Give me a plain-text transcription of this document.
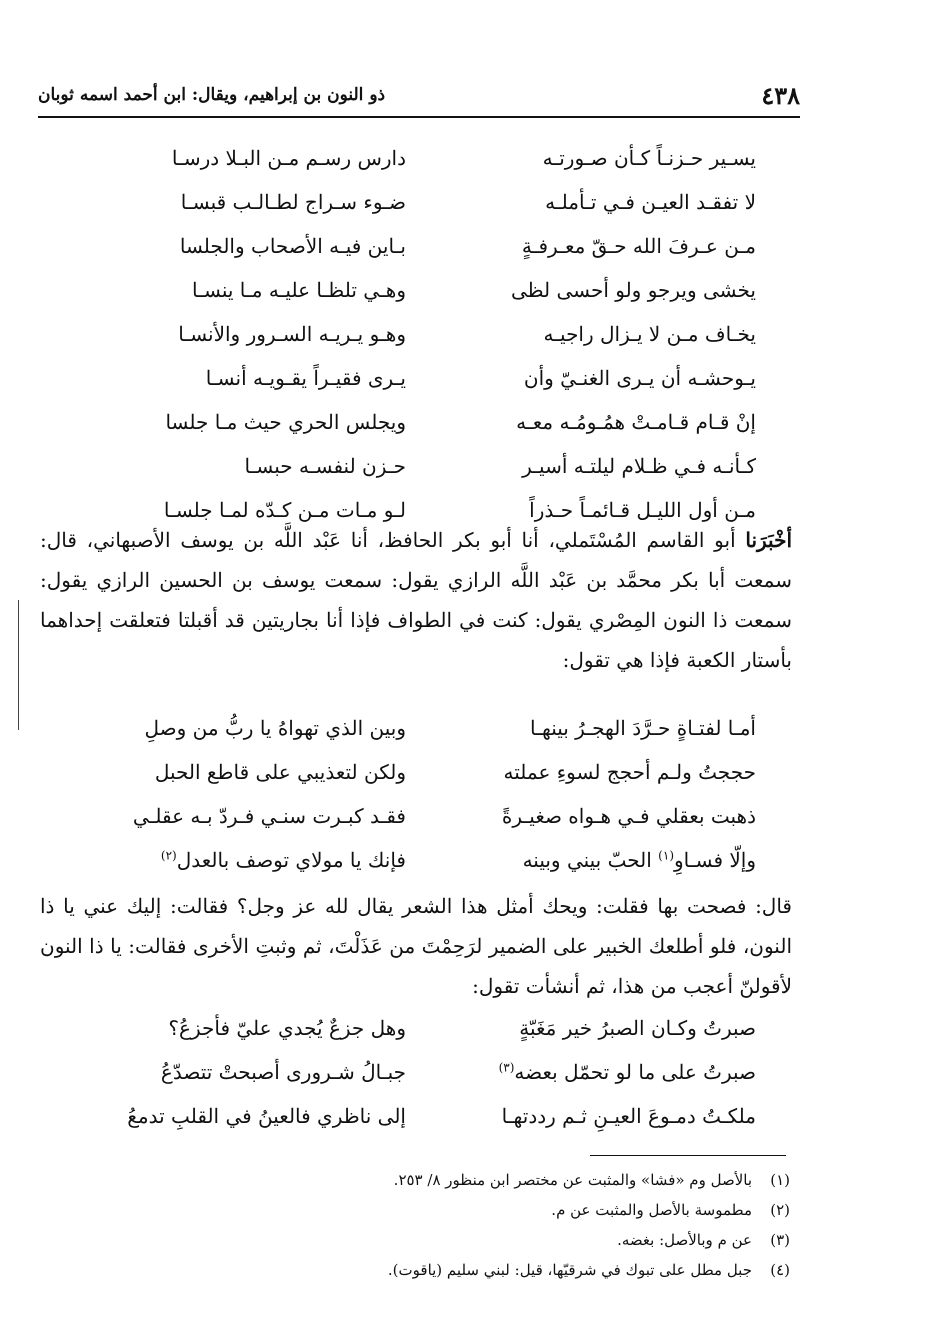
٤٣٨
ذو النون بن إبراهيم، ويقال: ابن أحمد اسمه ثوبان
يسـير حـزنـاً كـأن صـورتـه
دارس رسـم مـن البـلا درسـا
لا تفقـد العيـن فـي تـأملـه
ضـوء سـراج لطـالـب قبسـا
مـن عـرفَ الله حـقّ معـرفـةٍ
بـاين فيـه الأصحاب والجلسا
يخشى ويرجو ولو أحسى لظى
وهـي تلظـا عليـه مـا ينسـا
يخـاف مـن لا يـزال راجيـه
وهـو يـريـه السـرور والأنسـا
يـوحشـه أن يـرى الغنـيّ وأن
يـرى فقيـراً يقـويـه أنسـا
إنْ قـام قـامـتْ همُـومُـه معـه
ويجلس الحري حيث مـا جلسا
كـأنـه فـي ظـلام ليلتـه أسيـر
حـزن لنفسـه حبسـا
مـن أول الليـل قـائمـاً حـذراً
لـو مـات مـن كـدّه لمـا جلسـا

أخْبَرَنا أبو القاسم المُسْتَملي، أنا أبو بكر الحافظ، أنا عَبْد اللَّه بن يوسف الأصبهاني، قال: سمعت أبا بكر محمَّد بن عَبْد اللَّه الرازي يقول: سمعت يوسف بن الحسين الرازي يقول: سمعت ذا النون المِصْري يقول: كنت في الطواف فإذا أنا بجاريتين قد أقبلتا فتعلقت إحداهما بأستار الكعبة فإذا هي تقول:

أمـا لفتـاةٍ حـرَّدَ الهجـرُ بينهـا
وبين الذي تهواهُ يا ربُّ من وصلِ
حججتُ ولـم أحجج لسوءِ عملته
ولكن لتعذيبي على قاطع الحبل
ذهبت بعقلي فـي هـواه صغيـرةً
فقـد كبـرت سنـي فـردّ بـه عقلـي
وإلّا فسـاوِ$^{(١)}$ الحبّ بيني وبينه
فإنك يا مولاي توصف بالعدل$^{(٢)}$

قال: فصحت بها فقلت: ويحك أمثل هذا الشعر يقال لله عز وجل؟ فقالت: إليك عني يا ذا النون، فلو أطلعك الخبير على الضمير لرَحِمْتَ من عَذَلْتَ، ثم وثبتِ الأخرى فقالت: يا ذا النون لأقولنّ أعجب من هذا، ثم أنشأت تقول:

صبرتُ وكـان الصبرُ خير مَغَبّةٍ
وهل جزعٌ يُجدي عليّ فأجزعُ؟
صبرتُ على ما لو تحمّل بعضه$^{(٣)}$
جبـالُ شـرورى أصبحتْ تتصدّعُ
ملكـتُ دمـوعَ العيـنِ ثـم رددتهـا
إلى ناظري فالعينُ في القلبِ تدمعُ
(١)
بالأصل وم «فشا» والمثبت عن مختصر ابن منظور ٨/ ٢٥٣.
(٢)
مطموسة بالأصل والمثبت عن م.
(٣)
عن م وبالأصل: بغضه.
(٤)
جبل مطل على تبوك في شرقيّها، قيل: لبني سليم (ياقوت).
